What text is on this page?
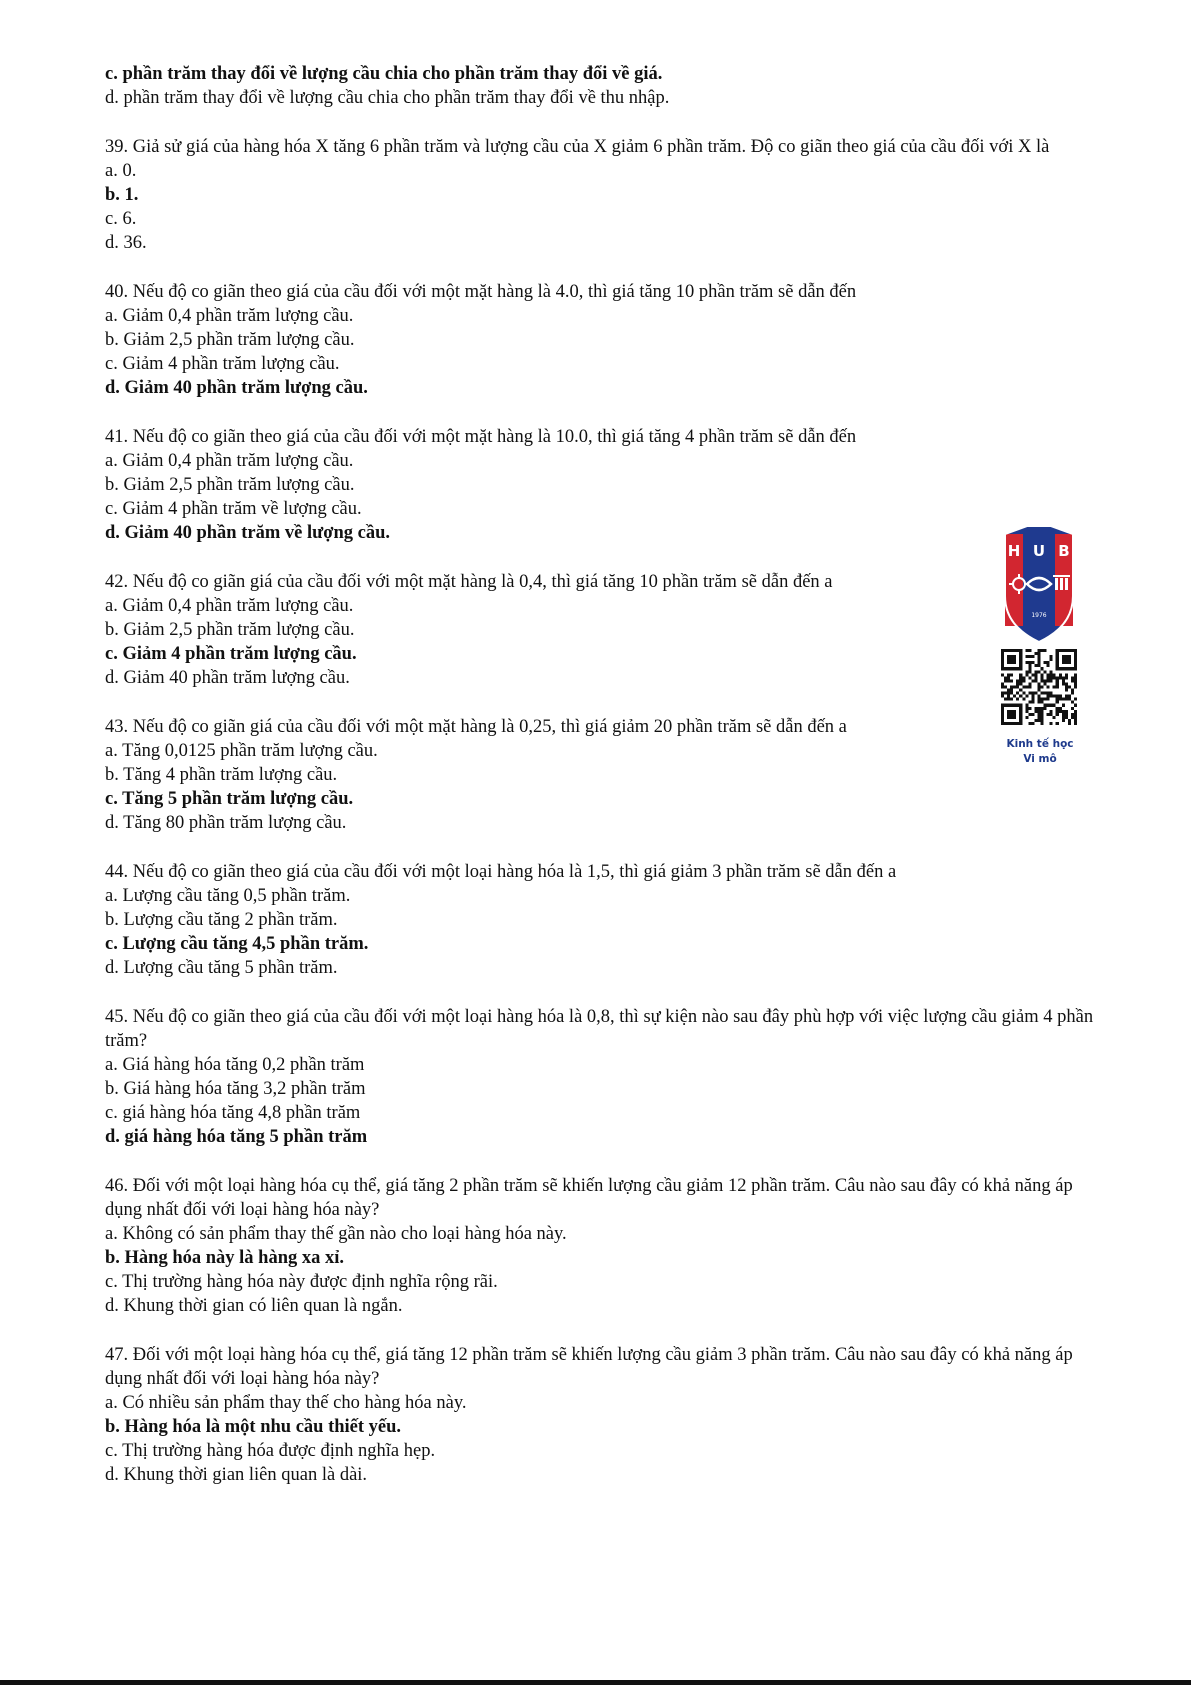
c. phần trăm thay đổi về lượng cầu chia cho phần trăm thay đổi về giá.
d. phần trăm thay đổi về lượng cầu chia cho phần trăm thay đổi về thu nhập.
39. Giả sử giá của hàng hóa X tăng 6 phần trăm và lượng cầu của X giảm 6 phần trăm. Độ co giãn theo giá của cầu đối với X là
a. 0.
b. 1.
c. 6.
d. 36.
40. Nếu độ co giãn theo giá của cầu đối với một mặt hàng là 4.0, thì giá tăng 10 phần trăm sẽ dẫn đến
a. Giảm 0,4 phần trăm lượng cầu.
b. Giảm 2,5 phần trăm lượng cầu.
c. Giảm 4 phần trăm lượng cầu.
d. Giảm 40 phần trăm lượng cầu.
41. Nếu độ co giãn theo giá của cầu đối với một mặt hàng là 10.0, thì giá tăng 4 phần trăm sẽ dẫn đến
a. Giảm 0,4 phần trăm lượng cầu.
b. Giảm 2,5 phần trăm lượng cầu.
c. Giảm 4 phần trăm về lượng cầu.
d. Giảm 40 phần trăm về lượng cầu.
42. Nếu độ co giãn giá của cầu đối với một mặt hàng là 0,4, thì giá tăng 10 phần trăm sẽ dẫn đến a
a. Giảm 0,4 phần trăm lượng cầu.
b. Giảm 2,5 phần trăm lượng cầu.
c. Giảm 4 phần trăm lượng cầu.
d. Giảm 40 phần trăm lượng cầu.
43. Nếu độ co giãn giá của cầu đối với một mặt hàng là 0,25, thì giá giảm 20 phần trăm sẽ dẫn đến a
a. Tăng 0,0125 phần trăm lượng cầu.
b. Tăng 4 phần trăm lượng cầu.
c. Tăng 5 phần trăm lượng cầu.
d. Tăng 80 phần trăm lượng cầu.
44. Nếu độ co giãn theo giá của cầu đối với một loại hàng hóa là 1,5, thì giá giảm 3 phần trăm sẽ dẫn đến a
a. Lượng cầu tăng 0,5 phần trăm.
b. Lượng cầu tăng 2 phần trăm.
c. Lượng cầu tăng 4,5 phần trăm.
d. Lượng cầu tăng 5 phần trăm.
45. Nếu độ co giãn theo giá của cầu đối với một loại hàng hóa là 0,8, thì sự kiện nào sau đây phù hợp với việc lượng cầu giảm 4 phần trăm?
a. Giá hàng hóa tăng 0,2 phần trăm
b. Giá hàng hóa tăng 3,2 phần trăm
c. giá hàng hóa tăng 4,8 phần trăm
d. giá hàng hóa tăng 5 phần trăm
46. Đối với một loại hàng hóa cụ thể, giá tăng 2 phần trăm sẽ khiến lượng cầu giảm 12 phần trăm. Câu nào sau đây có khả năng áp dụng nhất đối với loại hàng hóa này?
a. Không có sản phẩm thay thế gần nào cho loại hàng hóa này.
b. Hàng hóa này là hàng xa xỉ.
c. Thị trường hàng hóa này được định nghĩa rộng rãi.
d. Khung thời gian có liên quan là ngắn.
47. Đối với một loại hàng hóa cụ thể, giá tăng 12 phần trăm sẽ khiến lượng cầu giảm 3 phần trăm. Câu nào sau đây có khả năng áp dụng nhất đối với loại hàng hóa này?
a. Có nhiều sản phẩm thay thế cho hàng hóa này.
b. Hàng hóa là một nhu cầu thiết yếu.
c. Thị trường hàng hóa được định nghĩa hẹp.
d. Khung thời gian liên quan là dài.
H U B
1976
Kinh tế học
Vi mô
